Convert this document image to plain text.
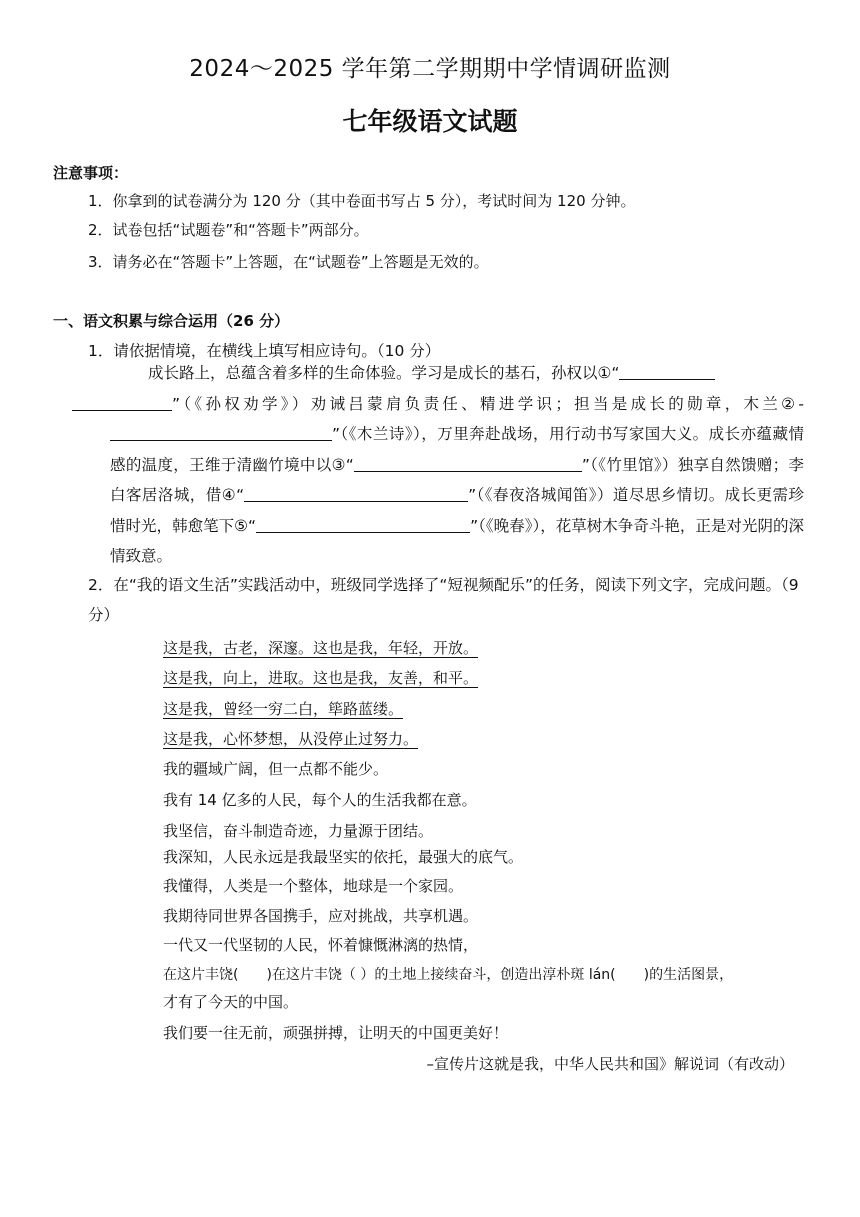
2024～2025 学年第二学期期中学情调研监测
七年级语文试题
注意事项：
1．你拿到的试卷满分为 120 分（其中卷面书写占 5 分），考试时间为 120 分钟。
2．试卷包括“试题卷”和“答题卡”两部分。
3．请务必在“答题卡”上答题，在“试题卷”上答题是无效的。
一、语文积累与综合运用（26 分）
1．请依据情境，在横线上填写相应诗句。（10 分）
成长路上，总蕴含着多样的生命体验。学习是成长的基石，孙权以①“
”（《孙权劝学》）劝诫吕蒙肩负责任、精进学识；担当是成长的勋章，木兰②-”（《木兰诗》），万里奔赴战场，用行动书写家国大义。成长亦蕴藏情感的温度，王维于清幽竹境中以③“	”（《竹里馆》）独享自然馈赠；李白客居洛城，借④“	”（《春夜洛城闻笛》）道尽思乡情切。成长更需珍惜时光，韩愈笔下⑤“	”（《晚春》），花草树木争奇斗艳，正是对光阴的深情致意。
2．在“我的语文生活”实践活动中，班级同学选择了“短视频配乐”的任务，阅读下列文字，完成问题。（9 分）
这是我，古老，深邃。这也是我，年轻，开放。
这是我，向上，进取。这也是我，友善，和平。
这是我，曾经一穷二白，筚路蓝缕。
这是我，心怀梦想，从没停止过努力。
我的疆域广阔，但一点都不能少。
我有 14 亿多的人民，每个人的生活我都在意。
我坚信，奋斗制造奇迹，力量源于团结。
我深知，人民永远是我最坚实的依托，最强大的底气。
我懂得，人类是一个整体，地球是一个家园。
我期待同世界各国携手，应对挑战，共享机遇。
一代又一代坚韧的人民，怀着慷慨淋漓的热情，
在这片丰饶(　　)在这片丰饶（ ）的土地上接续奋斗，创造出淳朴斑 lán(　　)的生活图景，
才有了今天的中国。
我们要一往无前，顽强拼搏，让明天的中国更美好！
–宣传片这就是我，中华人民共和国》解说词（有改动）
